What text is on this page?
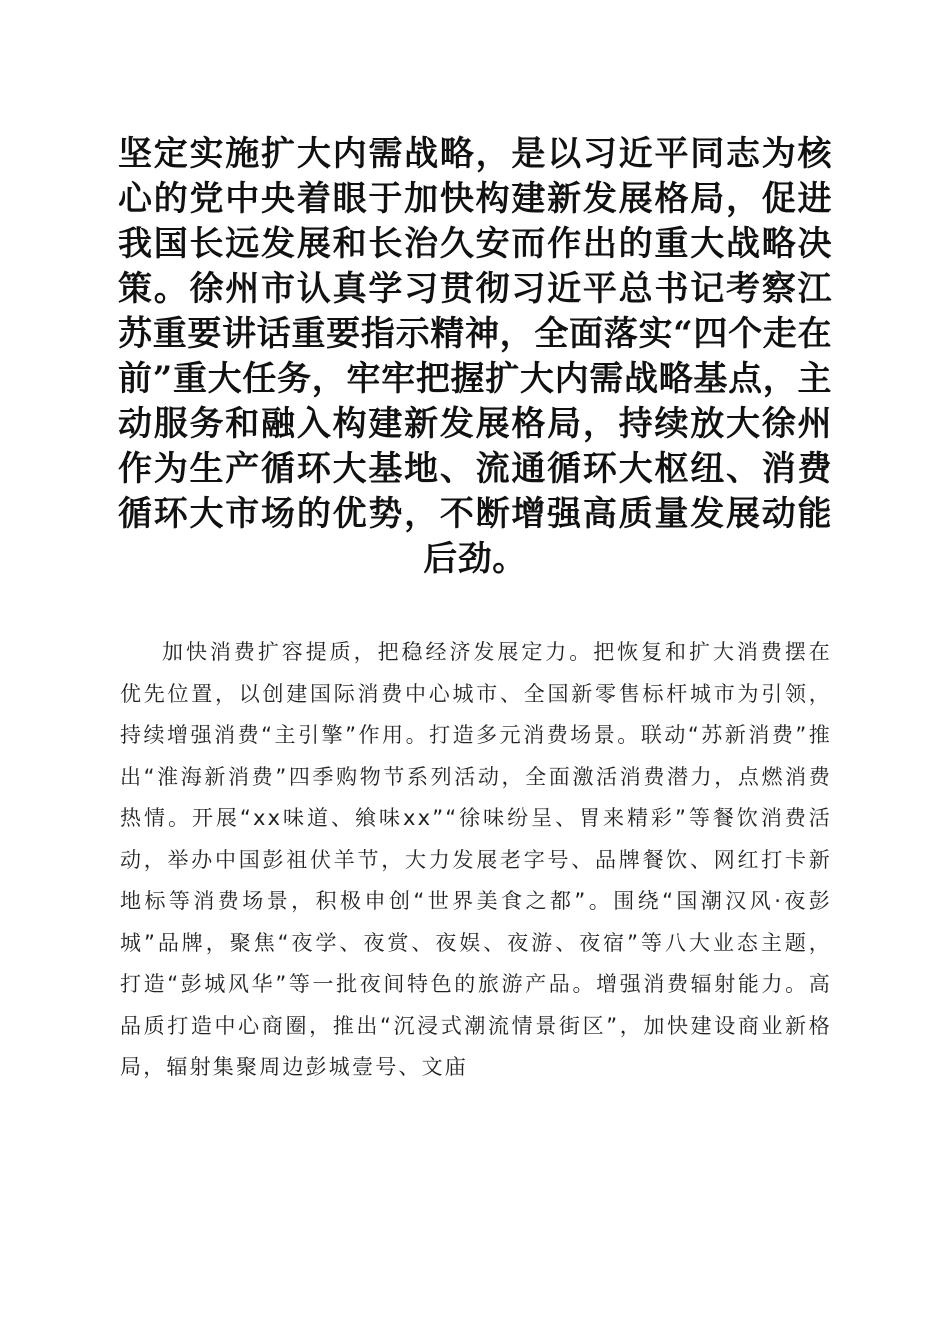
坚定实施扩大内需战略，是以习近平同志为核心的党中央着眼于加快构建新发展格局，促进我国长远发展和长治久安而作出的重大战略决策。徐州市认真学习贯彻习近平总书记考察江苏重要讲话重要指示精神，全面落实“四个走在前”重大任务，牢牢把握扩大内需战略基点，主动服务和融入构建新发展格局，持续放大徐州作为生产循环大基地、流通循环大枢纽、消费循环大市场的优势，不断增强高质量发展动能后劲。

加快消费扩容提质，把稳经济发展定力。把恢复和扩大消费摆在优先位置，以创建国际消费中心城市、全国新零售标杆城市为引领，持续增强消费“主引擎”作用。打造多元消费场景。联动“苏新消费”推出“淮海新消费”四季购物节系列活动，全面激活消费潜力，点燃消费热情。开展“xx味道、飨味xx”“徐味纷呈、胃来精彩”等餐饮消费活动，举办中国彭祖伏羊节，大力发展老字号、品牌餐饮、网红打卡新地标等消费场景，积极申创“世界美食之都”。围绕“国潮汉风·夜彭城”品牌，聚焦“夜学、夜赏、夜娱、夜游、夜宿”等八大业态主题，打造“彭城风华”等一批夜间特色的旅游产品。增强消费辐射能力。高品质打造中心商圈，推出“沉浸式潮流情景街区”，加快建设商业新格局，辐射集聚周边彭城壹号、文庙
